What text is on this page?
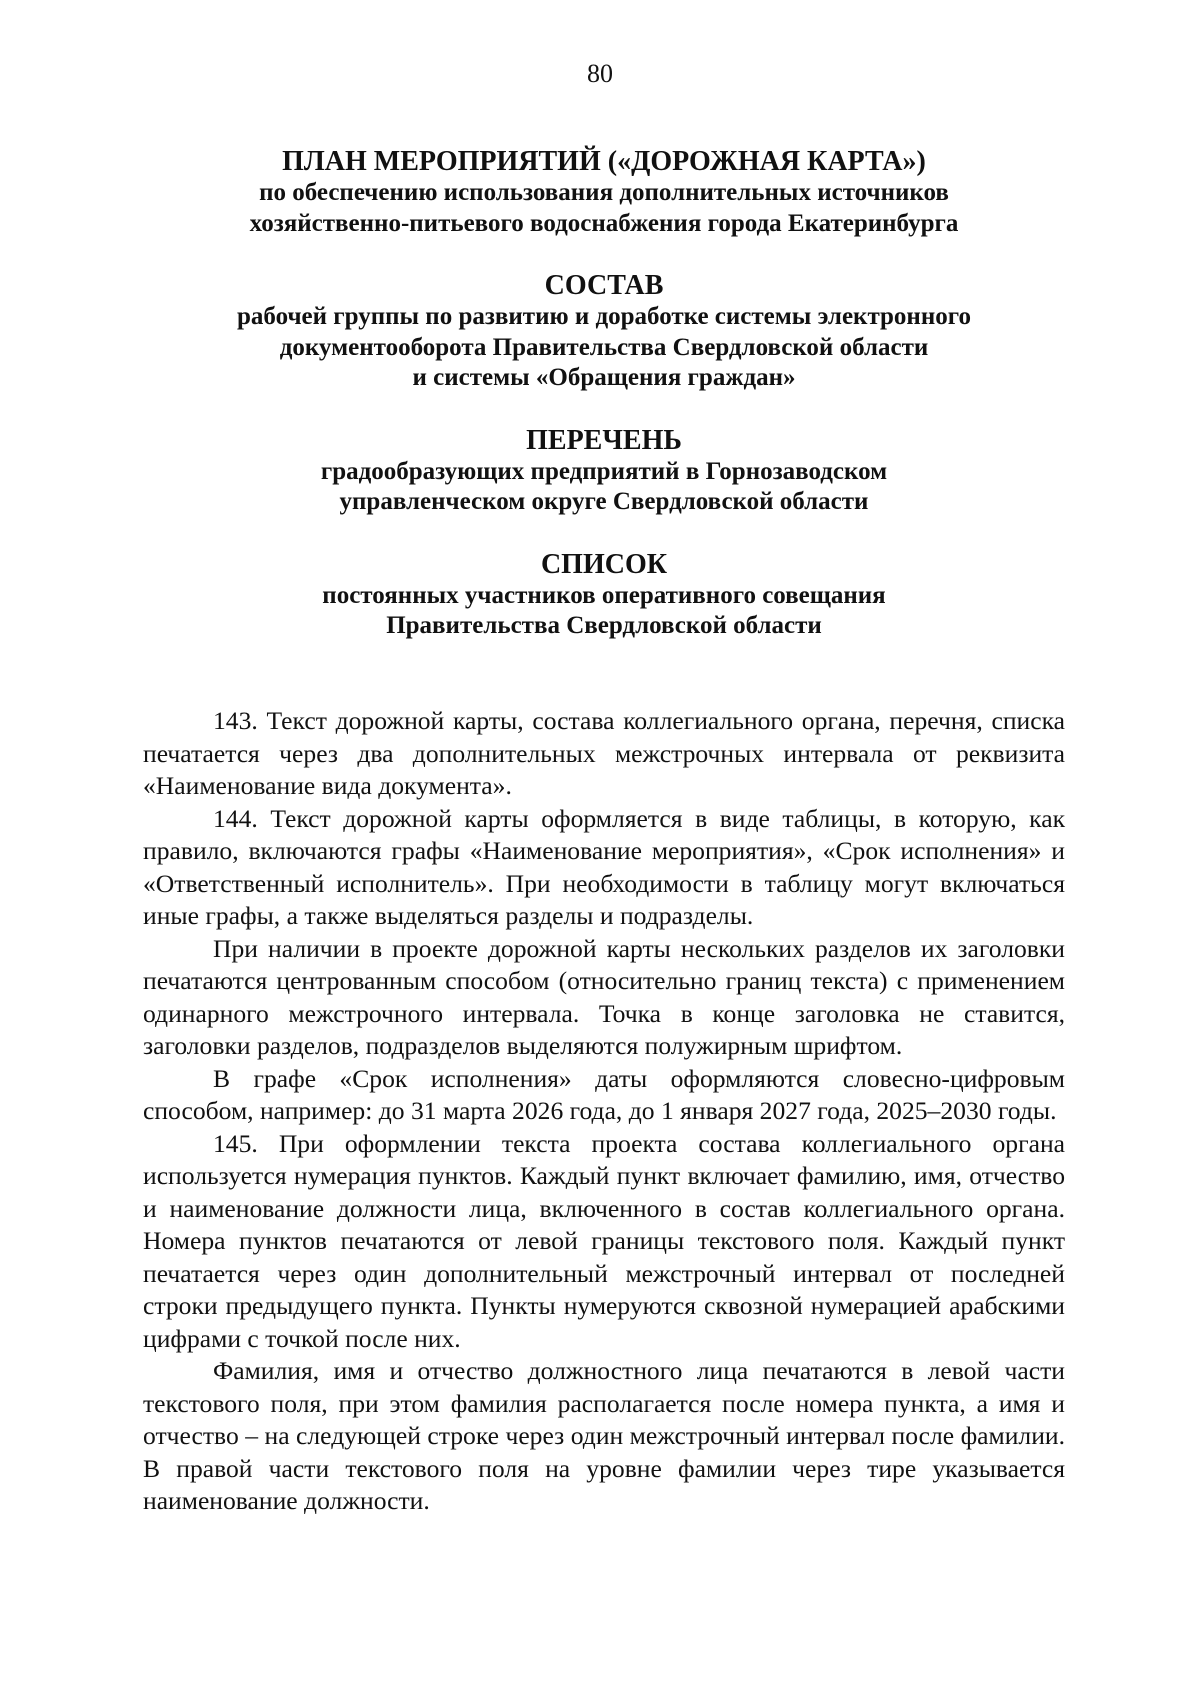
80
ПЛАН МЕРОПРИЯТИЙ («ДОРОЖНАЯ КАРТА»)
по обеспечению использования дополнительных источников
хозяйственно-питьевого водоснабжения города Екатеринбурга
СОСТАВ
рабочей группы по развитию и доработке системы электронного
документооборота Правительства Свердловской области
и системы «Обращения граждан»
ПЕРЕЧЕНЬ
градообразующих предприятий в Горнозаводском
управленческом округе Свердловской области
СПИСОК
постоянных участников оперативного совещания
Правительства Свердловской области

143. Текст дорожной карты, состава коллегиального органа, перечня, списка печатается через два дополнительных межстрочных интервала от реквизита «Наименование вида документа».

144. Текст дорожной карты оформляется в виде таблицы, в которую, как правило, включаются графы «Наименование мероприятия», «Срок исполнения» и «Ответственный исполнитель». При необходимости в таблицу могут включаться иные графы, а также выделяться разделы и подразделы.

При наличии в проекте дорожной карты нескольких разделов их заголовки печатаются центрованным способом (относительно границ текста) с применением одинарного межстрочного интервала. Точка в конце заголовка не ставится, заголовки разделов, подразделов выделяются полужирным шрифтом.

В графе «Срок исполнения» даты оформляются словесно-цифровым способом, например: до 31 марта 2026 года, до 1 января 2027 года, 2025–2030 годы.

145. При оформлении текста проекта состава коллегиального органа используется нумерация пунктов. Каждый пункт включает фамилию, имя, отчество и наименование должности лица, включенного в состав коллегиального органа. Номера пунктов печатаются от левой границы текстового поля. Каждый пункт печатается через один дополнительный межстрочный интервал от последней строки предыдущего пункта. Пункты нумеруются сквозной нумерацией арабскими цифрами с точкой после них.

Фамилия, имя и отчество должностного лица печатаются в левой части текстового поля, при этом фамилия располагается после номера пункта, а имя и отчество – на следующей строке через один межстрочный интервал после фамилии. В правой части текстового поля на уровне фамилии через тире указывается наименование должности.
